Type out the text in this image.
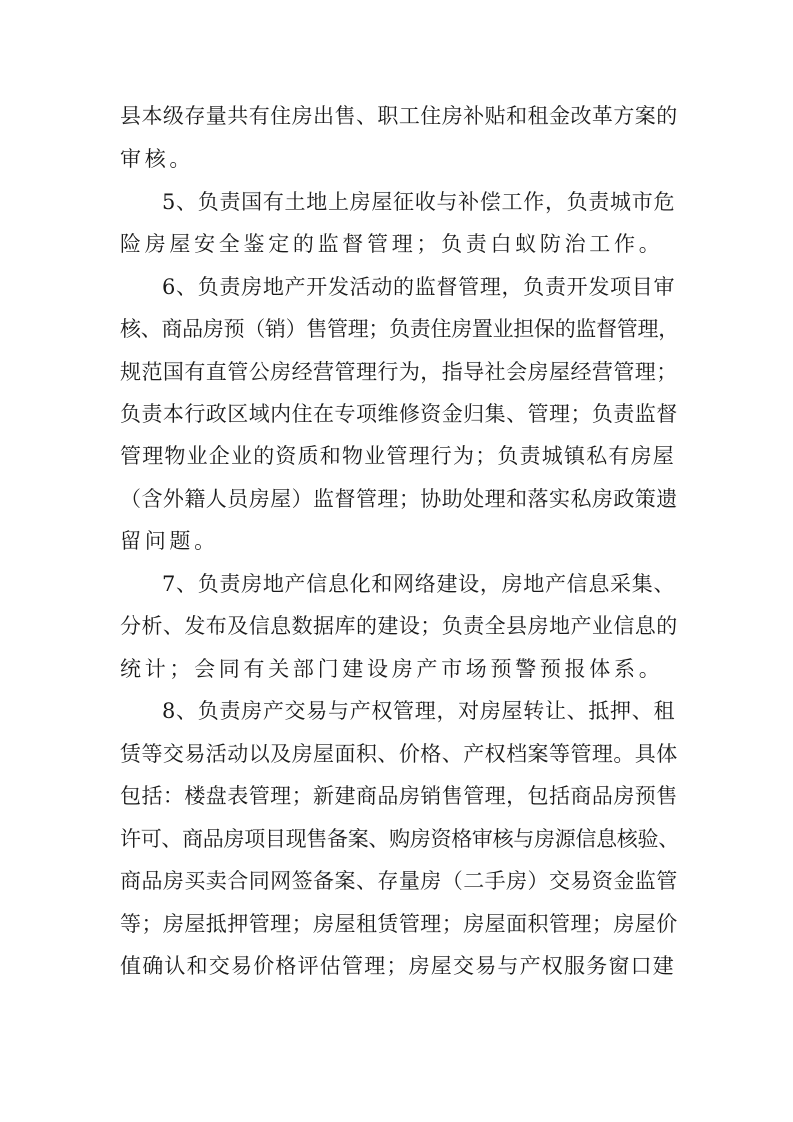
县本级存量共有住房出售、职工住房补贴和租金改革方案的
审核。
5、负责国有土地上房屋征收与补偿工作，负责城市危
险房屋安全鉴定的监督管理；负责白蚁防治工作。
6、负责房地产开发活动的监督管理，负责开发项目审
核、商品房预（销）售管理；负责住房置业担保的监督管理，
规范国有直管公房经营管理行为，指导社会房屋经营管理；
负责本行政区域内住在专项维修资金归集、管理；负责监督
管理物业企业的资质和物业管理行为；负责城镇私有房屋
（含外籍人员房屋）监督管理；协助处理和落实私房政策遗
留问题。
7、负责房地产信息化和网络建设，房地产信息采集、
分析、发布及信息数据库的建设；负责全县房地产业信息的
统计；会同有关部门建设房产市场预警预报体系。
8、负责房产交易与产权管理，对房屋转让、抵押、租
赁等交易活动以及房屋面积、价格、产权档案等管理。具体
包括：楼盘表管理；新建商品房销售管理，包括商品房预售
许可、商品房项目现售备案、购房资格审核与房源信息核验、
商品房买卖合同网签备案、存量房（二手房）交易资金监管
等；房屋抵押管理；房屋租赁管理；房屋面积管理；房屋价
值确认和交易价格评估管理；房屋交易与产权服务窗口建
